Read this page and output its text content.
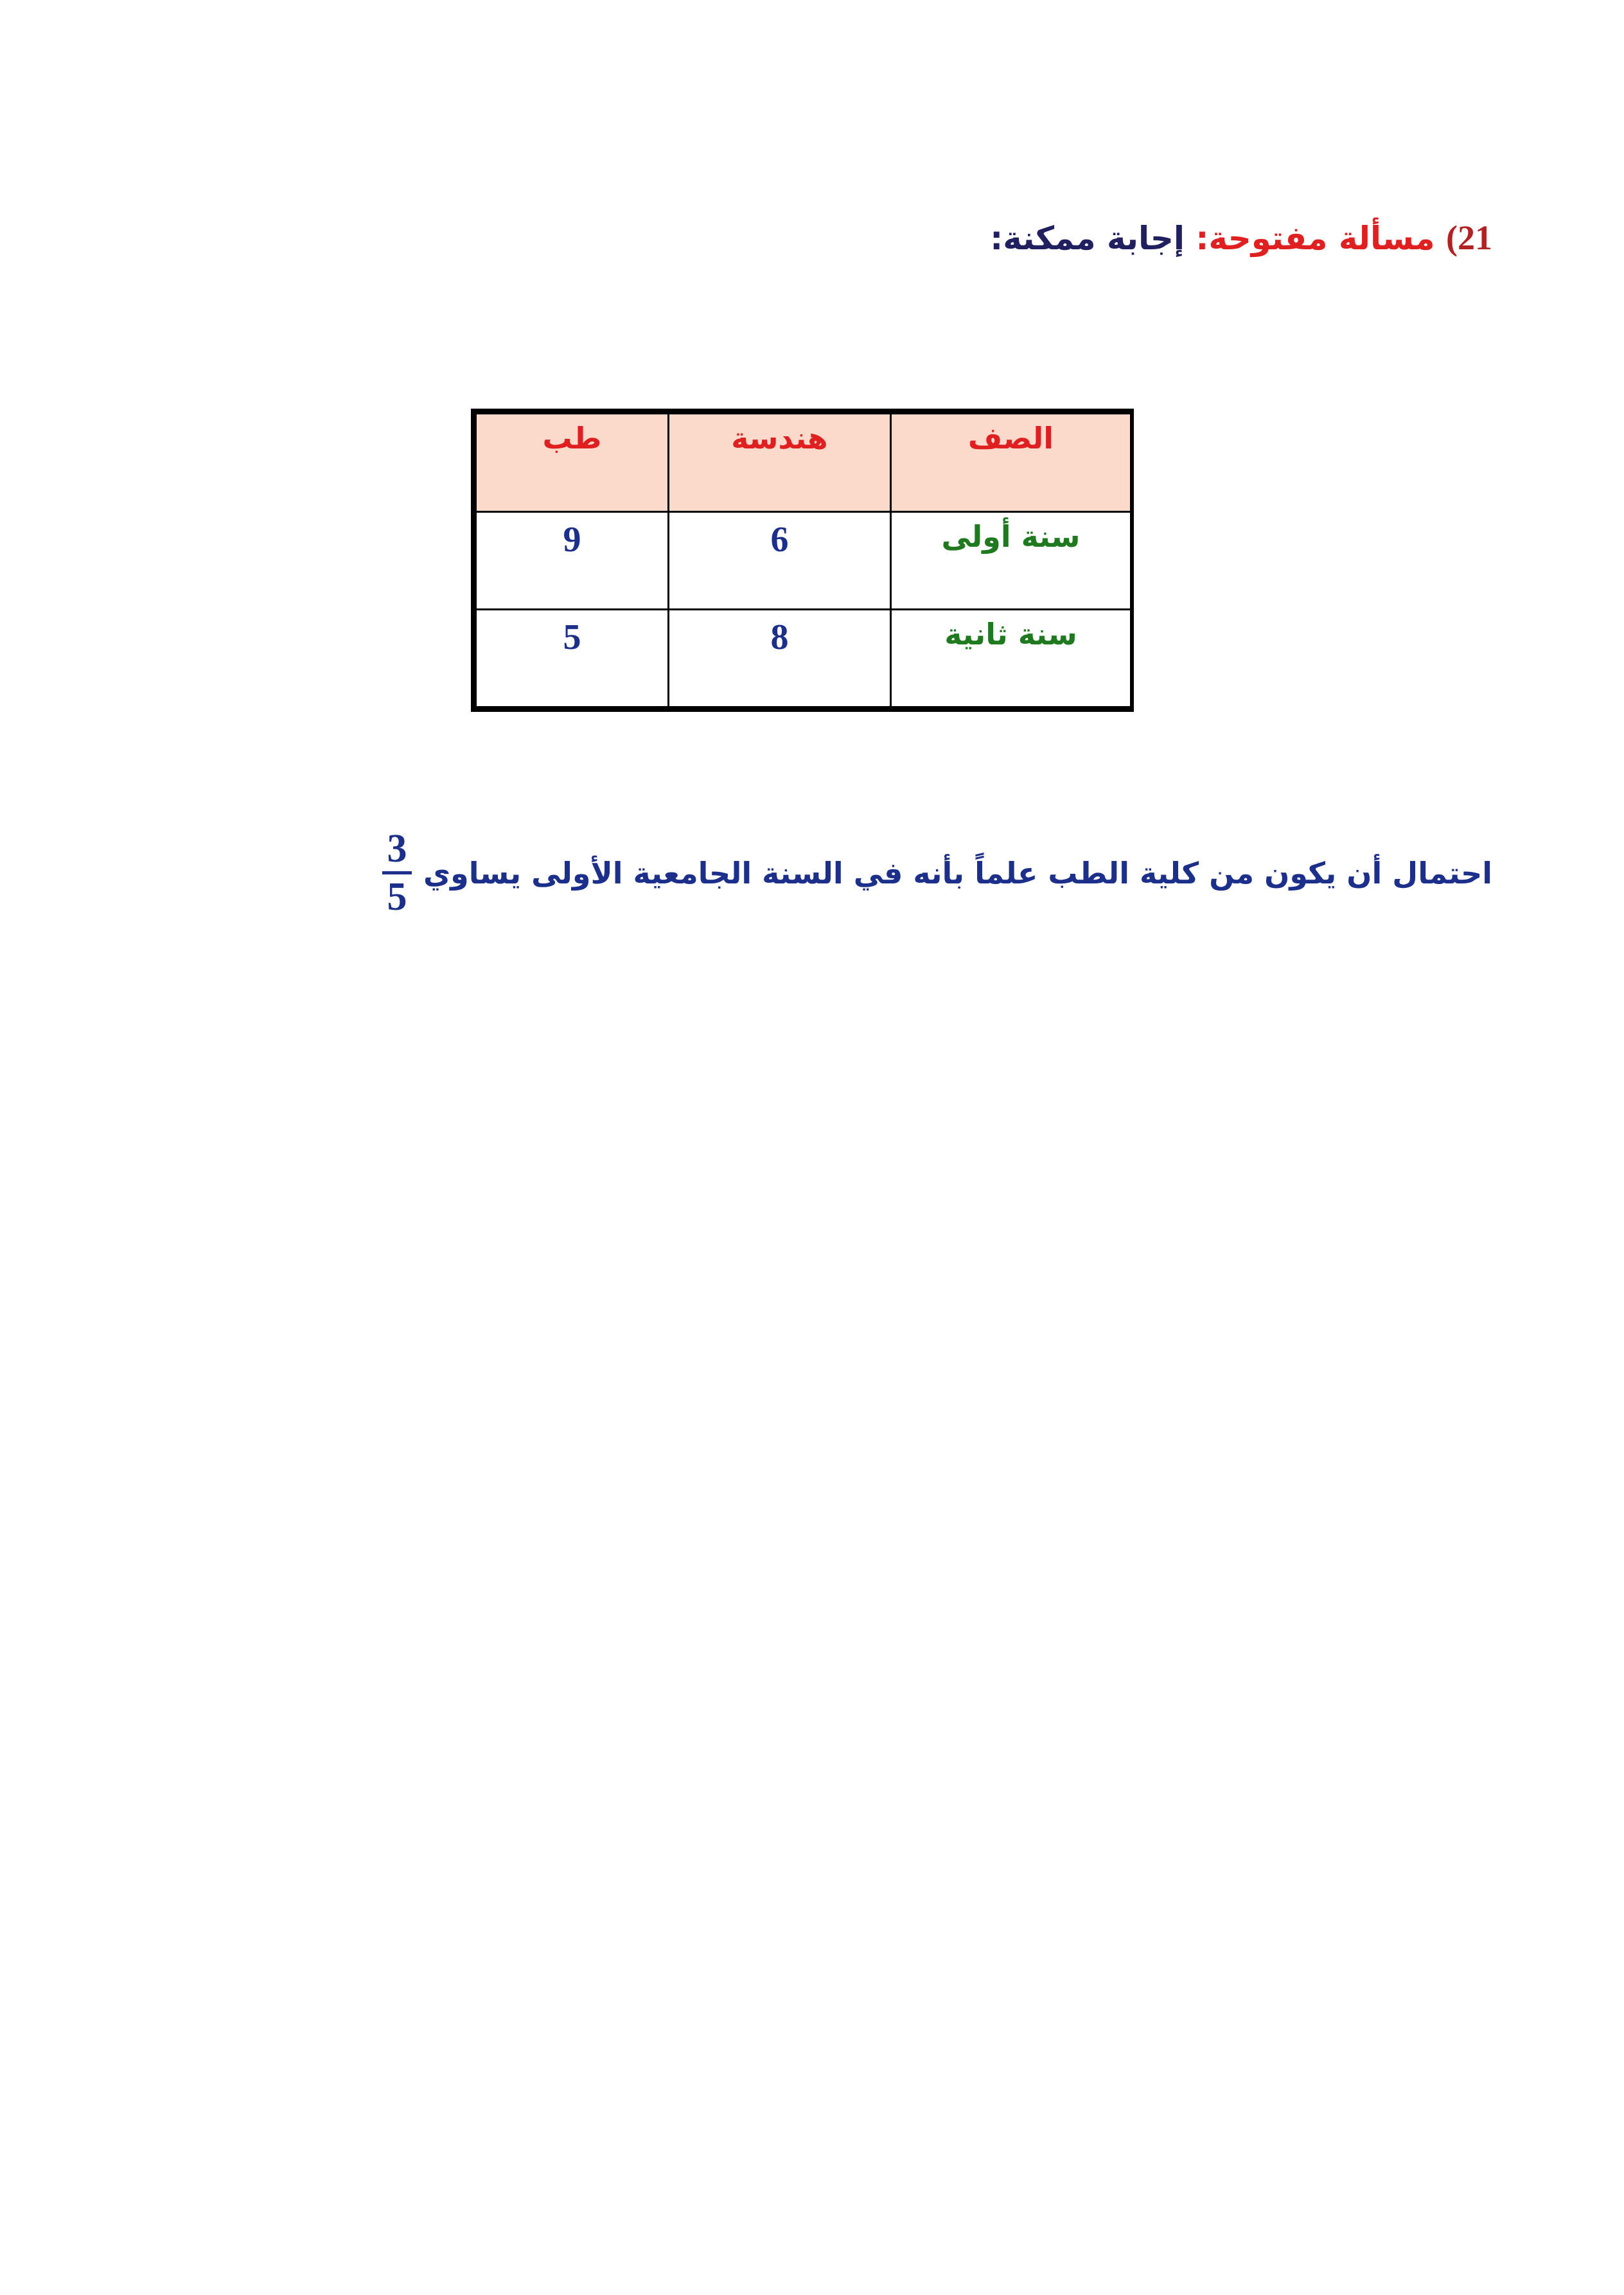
21) مسألة مفتوحة: إجابة ممكنة:
الصف	هندسة	طب
سنة أولى	6	9
سنة ثانية	8	5
احتمال أن يكون من كلية الطب علماً بأنه في السنة الجامعية الأولى يساوي
3
5
